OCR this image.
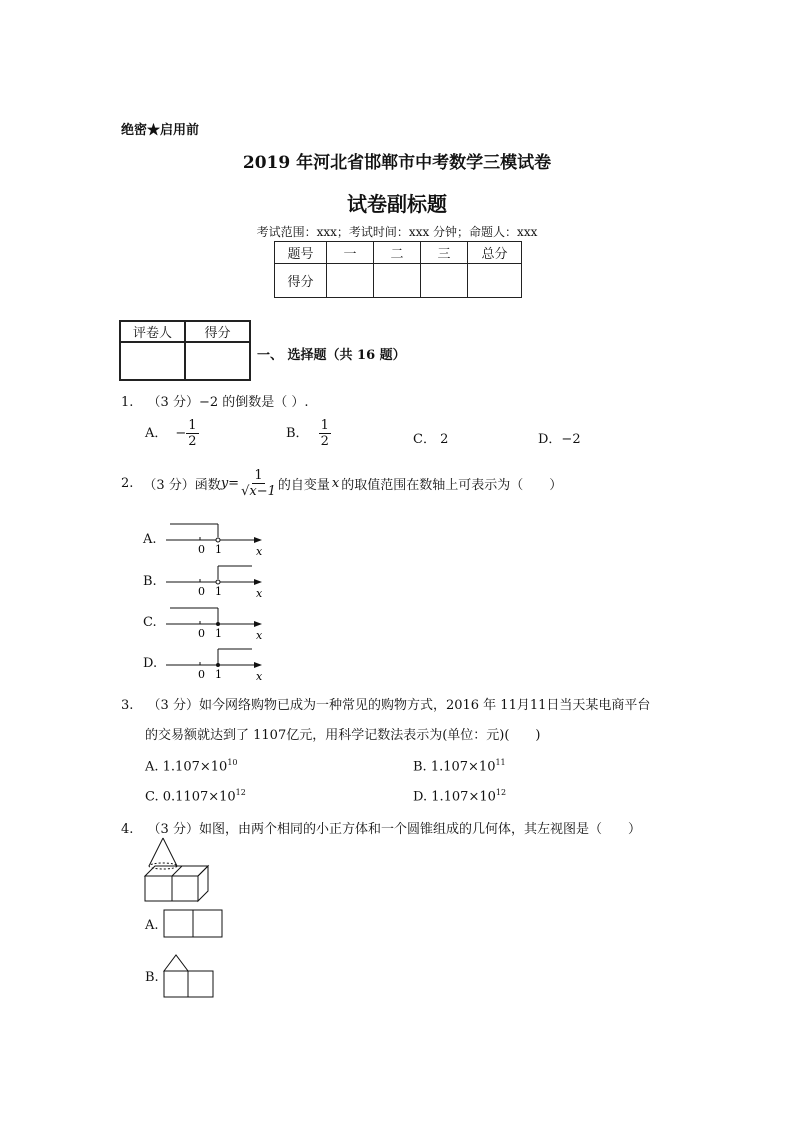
绝密★启用前
2019 年河北省邯郸市中考数学三模试卷
试卷副标题
考试范围：xxx；考试时间：xxx 分钟；命题人：xxx
题号	一	二	三	总分
得分				
评卷人	得分

一、 选择题（共 16 题）
1. （3 分）−2 的倒数是（ ）.
A． − $\frac{1}{2}$	B． $\frac{1}{2}$	C． 2	D．−2
2. （3 分）函数 $y = \frac{1}{√x-1}$ 的自变量 x 的取值范围在数轴上可表示为（　　）
A.
B.
C.
D.
0 1	x
0 1	x
0 1	x
0 1	x
3. （3 分）如今网络购物已成为一种常见的购物方式，2016 年 11月11日当天某电商平台
的交易额就达到了 1107亿元，用科学记数法表示为(单位：元)(　　)
A. $1.107\times 10^{10}$	B. $1.107\times 10^{11}$
C. $0.1107\times 10^{12}$	D. $1.107\times 10^{12}$
4. （3 分）如图，由两个相同的小正方体和一个圆锥组成的几何体，其左视图是（　　）
A.
B.
